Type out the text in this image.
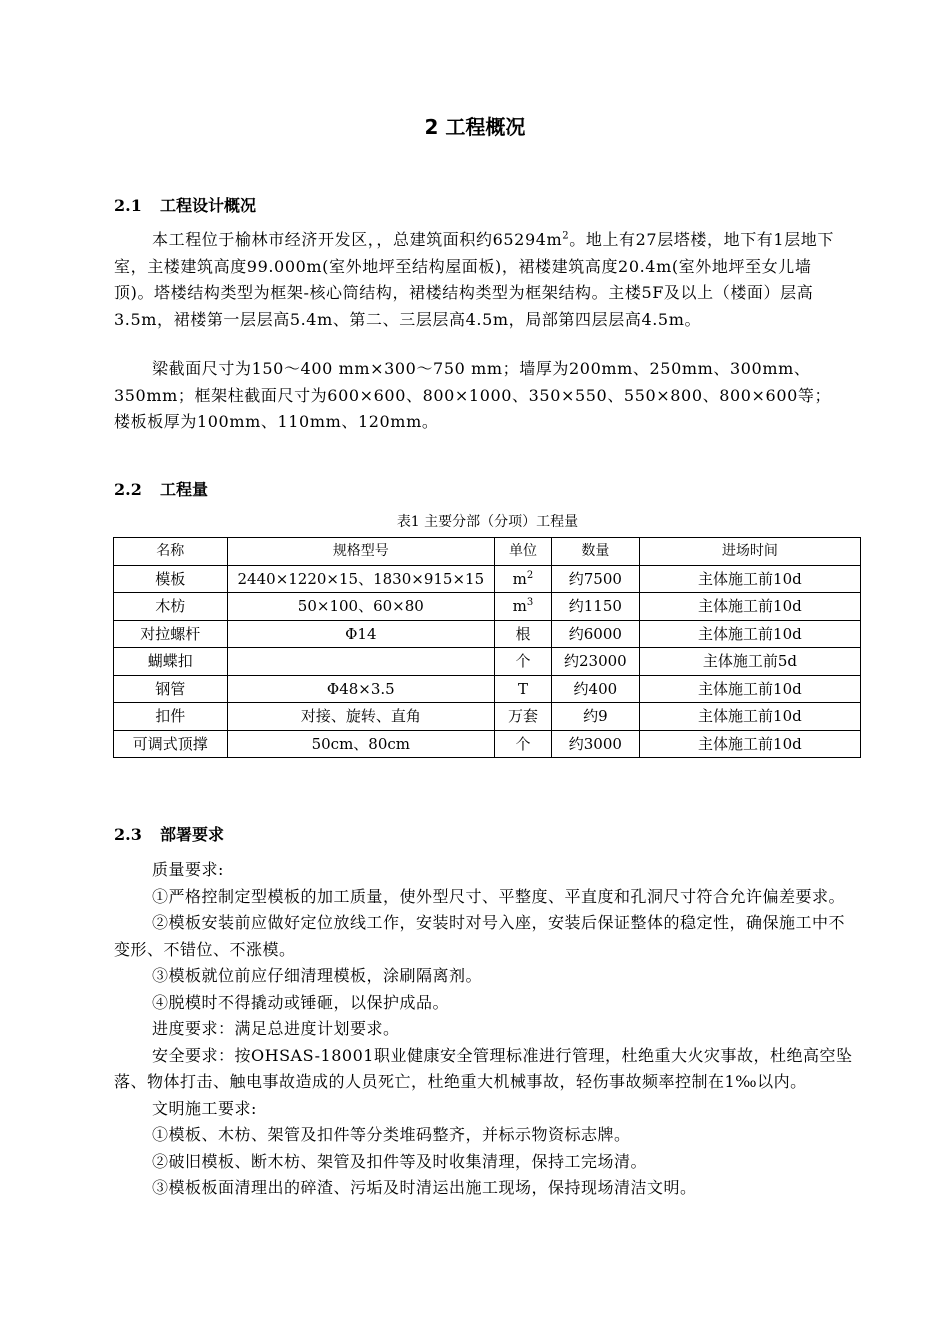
2 工程概况
2.1 工程设计概况

本工程位于榆林市经济开发区，，总建筑面积约$65294m^2$。地上有27层塔楼，地下有1层地下室，主楼建筑高度99.000m(室外地坪至结构屋面板)，裙楼建筑高度20.4m(室外地坪至女儿墙顶)。塔楼结构类型为框架-核心筒结构，裙楼结构类型为框架结构。主楼5F及以上（楼面）层高3.5m，裙楼第一层层高5.4m、第二、三层层高4.5m，局部第四层层高4.5m。

梁截面尺寸为150～400 mm×300～750 mm；墙厚为200mm、250mm、300mm、350mm；框架柱截面尺寸为600×600、800×1000、350×550、550×800、800×600等；楼板板厚为100mm、110mm、120mm。

2.2 工程量
表1 主要分部（分项）工程量
名称	规格型号	单位	数量	进场时间
模板	2440×1220×15、1830×915×15	$m^2$	约7500	主体施工前10d
木枋	50×100、60×80	$m^3$	约1150	主体施工前10d
对拉螺杆	Φ14	根	约6000	主体施工前10d
蝴蝶扣		个	约23000	主体施工前5d
钢管	Φ48×3.5	T	约400	主体施工前10d
扣件	对接、旋转、直角	万套	约9	主体施工前10d
可调式顶撑	50cm、80cm	个	约3000	主体施工前10d
2.3 部署要求

质量要求:

①严格控制定型模板的加工质量，使外型尺寸、平整度、平直度和孔洞尺寸符合允许偏差要求。

②模板安装前应做好定位放线工作，安装时对号入座，安装后保证整体的稳定性，确保施工中不变形、不错位、不涨模。

③模板就位前应仔细清理模板，涂刷隔离剂。

④脱模时不得撬动或锤砸，以保护成品。

进度要求：满足总进度计划要求。

安全要求：按OHSAS-18001职业健康安全管理标准进行管理，杜绝重大火灾事故，杜绝高空坠落、物体打击、触电事故造成的人员死亡，杜绝重大机械事故，轻伤事故频率控制在1‰以内。

文明施工要求:

①模板、木枋、架管及扣件等分类堆码整齐，并标示物资标志牌。

②破旧模板、断木枋、架管及扣件等及时收集清理，保持工完场清。

③模板板面清理出的碎渣、污垢及时清运出施工现场，保持现场清洁文明。
